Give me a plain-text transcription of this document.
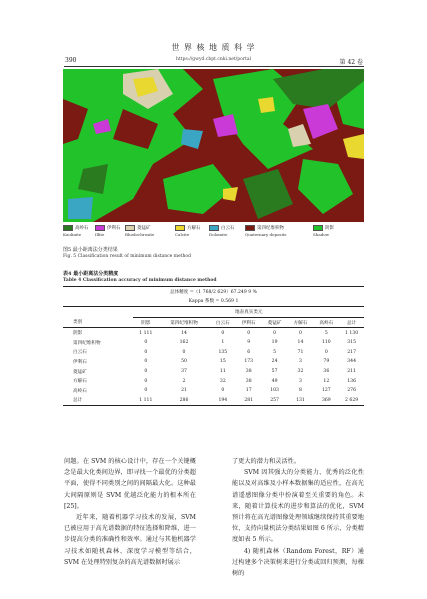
世 界 核 地 质 科 学
390	https://gwyd.cbpt.cnki.net/portal	第 42 卷
高岭石
Kaolinite
伊利石
Illite
菱锰矿
Rhodochrosite
方解石
Calcite
白云石
Dolomite
第四纪堆积物
Quaternary deposits
阴影
Shadow
图5 最小距离法分类结果
Fig. 5 Classification result of minimum distance method
表4 最小距离法分类精度
Table 4 Classification accuracy of minimum distance method
总体精度 =（1 768/2 629）67.249 9 %								
Kappa 系数 = 0.569 1								
	地表真实类元							
类别	阴影	第四纪堆积物	白云石	伊利石	菱锰矿	方解石	高岭石	总计
阴影	1 111	14	0	0	0	0	5	1 130
第四纪堆积物	0	162	1	9	19	14	110	315
白云石	0	0	135	6	5	71	0	217
伊利石	0	50	15	173	24	3	79	344
菱锰矿	0	37	11	38	57	32	36	211
方解石	0	2	32	38	49	3	12	136
高岭石	0	21	0	17	103	8	127	276
总计	1 111	286	194	281	257	131	369	2 629

问题。在 SVM 的核心设计中，存在一个关键概念是最大化类间边界，即寻找一个最优的分类超平面，使得不同类别之间的间隔最大化。这种最大间隔原则是 SVM 优越泛化能力的根本所在[25]。

近年来，随着机器学习技术的发展，SVM已被应用于高光谱数据的特征选择和降维，进一步提高分类的准确性和效率。通过与其他机器学习技术如随机森林、深度学习模型等结合，SVM 在处理特别复杂的高光谱数据时展示

了更大的潜力和灵活性。

SVM 因其强大的分类能力、优秀的泛化性能以及对高维及小样本数据集的适应性，在高光谱遥感图像分类中扮演着至关重要的角色。未来，随着计算技术的进步和算法的优化，SVM预计将在高光谱图像处理领域继续保持其重要地位，支持向量机法分类结果如图 6 所示，分类精度如表 5 所示。

4) 随机森林（Random Forest，RF）通过构建多个决策树来进行分类或回归预测，每棵树的
